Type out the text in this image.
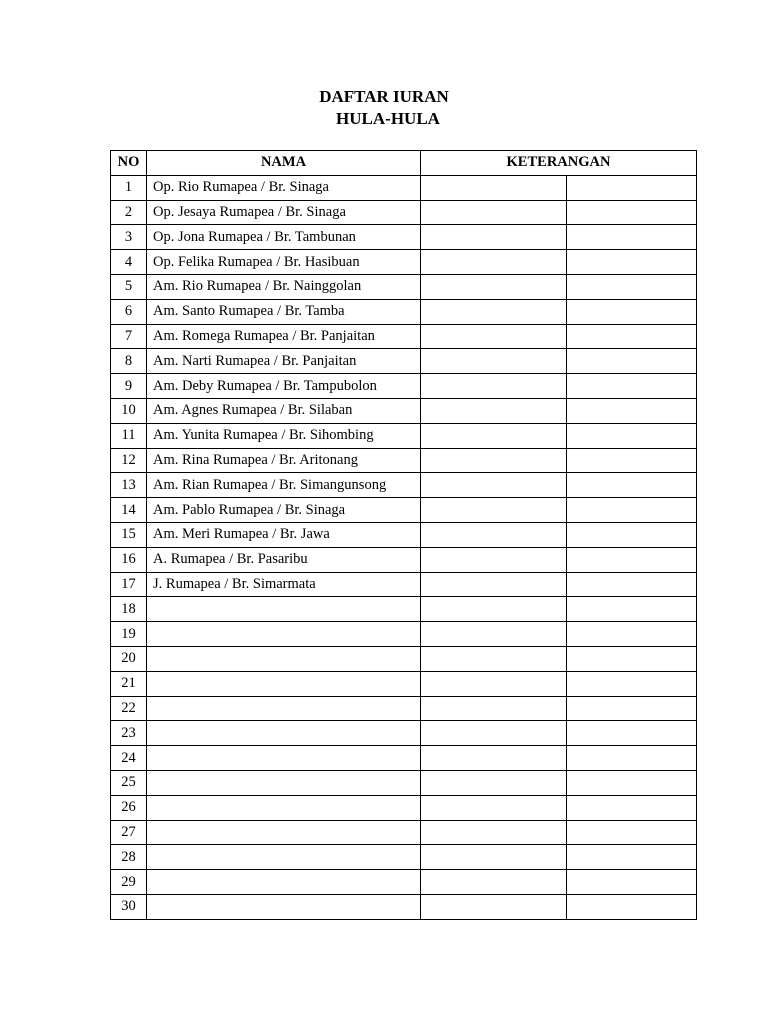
DAFTAR IURAN
HULA-HULA
NO	NAMA	KETERANGAN	
1	Op. Rio Rumapea / Br. Sinaga		
2	Op. Jesaya Rumapea / Br. Sinaga		
3	Op. Jona Rumapea / Br. Tambunan		
4	Op. Felika Rumapea / Br. Hasibuan		
5	Am. Rio Rumapea / Br. Nainggolan		
6	Am. Santo Rumapea / Br. Tamba		
7	Am. Romega Rumapea / Br. Panjaitan		
8	Am. Narti Rumapea / Br. Panjaitan		
9	Am. Deby Rumapea / Br. Tampubolon		
10	Am. Agnes Rumapea / Br. Silaban		
11	Am. Yunita Rumapea / Br. Sihombing		
12	Am. Rina Rumapea / Br. Aritonang		
13	Am. Rian Rumapea / Br. Simangunsong		
14	Am. Pablo Rumapea / Br. Sinaga		
15	Am. Meri Rumapea / Br. Jawa		
16	A. Rumapea / Br. Pasaribu		
17	J. Rumapea / Br. Simarmata		
18			
19			
20			
21			
22			
23			
24			
25			
26			
27			
28			
29			
30			
